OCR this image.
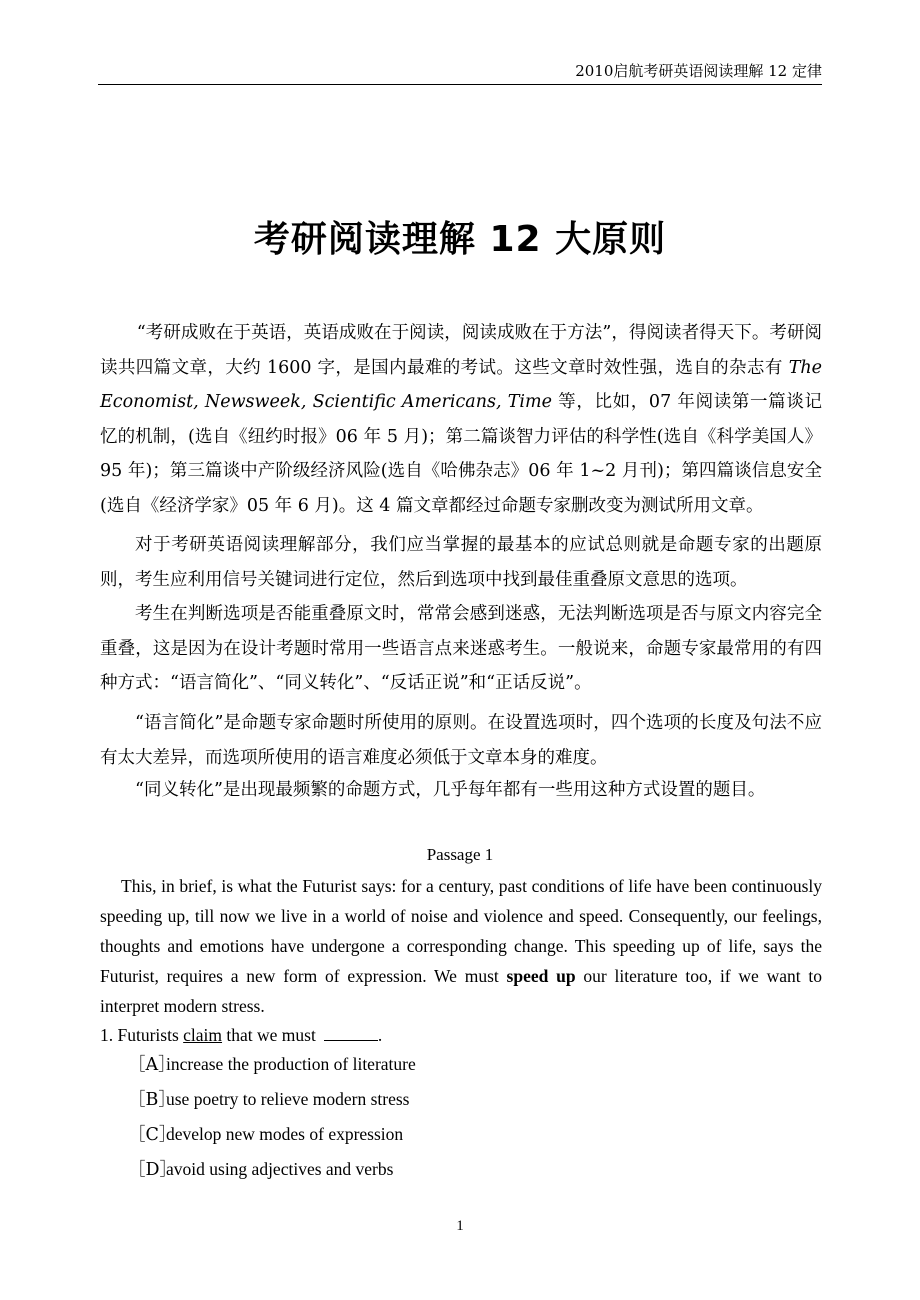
2010启航考研英语阅读理解 12 定律
考研阅读理解 12 大原则

“考研成败在于英语，英语成败在于阅读，阅读成败在于方法”，得阅读者得天下。考研阅读共四篇文章，大约 1600 字，是国内最难的考试。这些文章时效性强，选自的杂志有 The Economist, Newsweek, Scientific Americans, Time 等，比如，07 年阅读第一篇谈记忆的机制，(选自《纽约时报》06 年 5 月)；第二篇谈智力评估的科学性(选自《科学美国人》95 年)；第三篇谈中产阶级经济风险(选自《哈佛杂志》06 年 1~2 月刊)；第四篇谈信息安全(选自《经济学家》05 年 6 月)。这 4 篇文章都经过命题专家删改变为测试所用文章。

对于考研英语阅读理解部分，我们应当掌握的最基本的应试总则就是命题专家的出题原则，考生应利用信号关键词进行定位，然后到选项中找到最佳重叠原文意思的选项。

考生在判断选项是否能重叠原文时，常常会感到迷惑，无法判断选项是否与原文内容完全重叠，这是因为在设计考题时常用一些语言点来迷惑考生。一般说来，命题专家最常用的有四种方式：“语言简化”、“同义转化”、“反话正说”和“正话反说”。

“语言简化”是命题专家命题时所使用的原则。在设置选项时，四个选项的长度及句法不应有太大差异，而选项所使用的语言难度必须低于文章本身的难度。

“同义转化”是出现最频繁的命题方式，几乎每年都有一些用这种方式设置的题目。

Passage 1

This, in brief, is what the Futurist says: for a century, past conditions of life have been continuously speeding up, till now we live in a world of noise and violence and speed. Consequently, our feelings, thoughts and emotions have undergone a corresponding change. This speeding up of life, says the Futurist, requires a new form of expression. We must speed up our literature too, if we want to interpret modern stress.

1. Futurists claim that we must	.
［A］increase the production of literature
［B］use poetry to relieve modern stress
［C］develop new modes of expression
［D］avoid using adjectives and verbs
1
